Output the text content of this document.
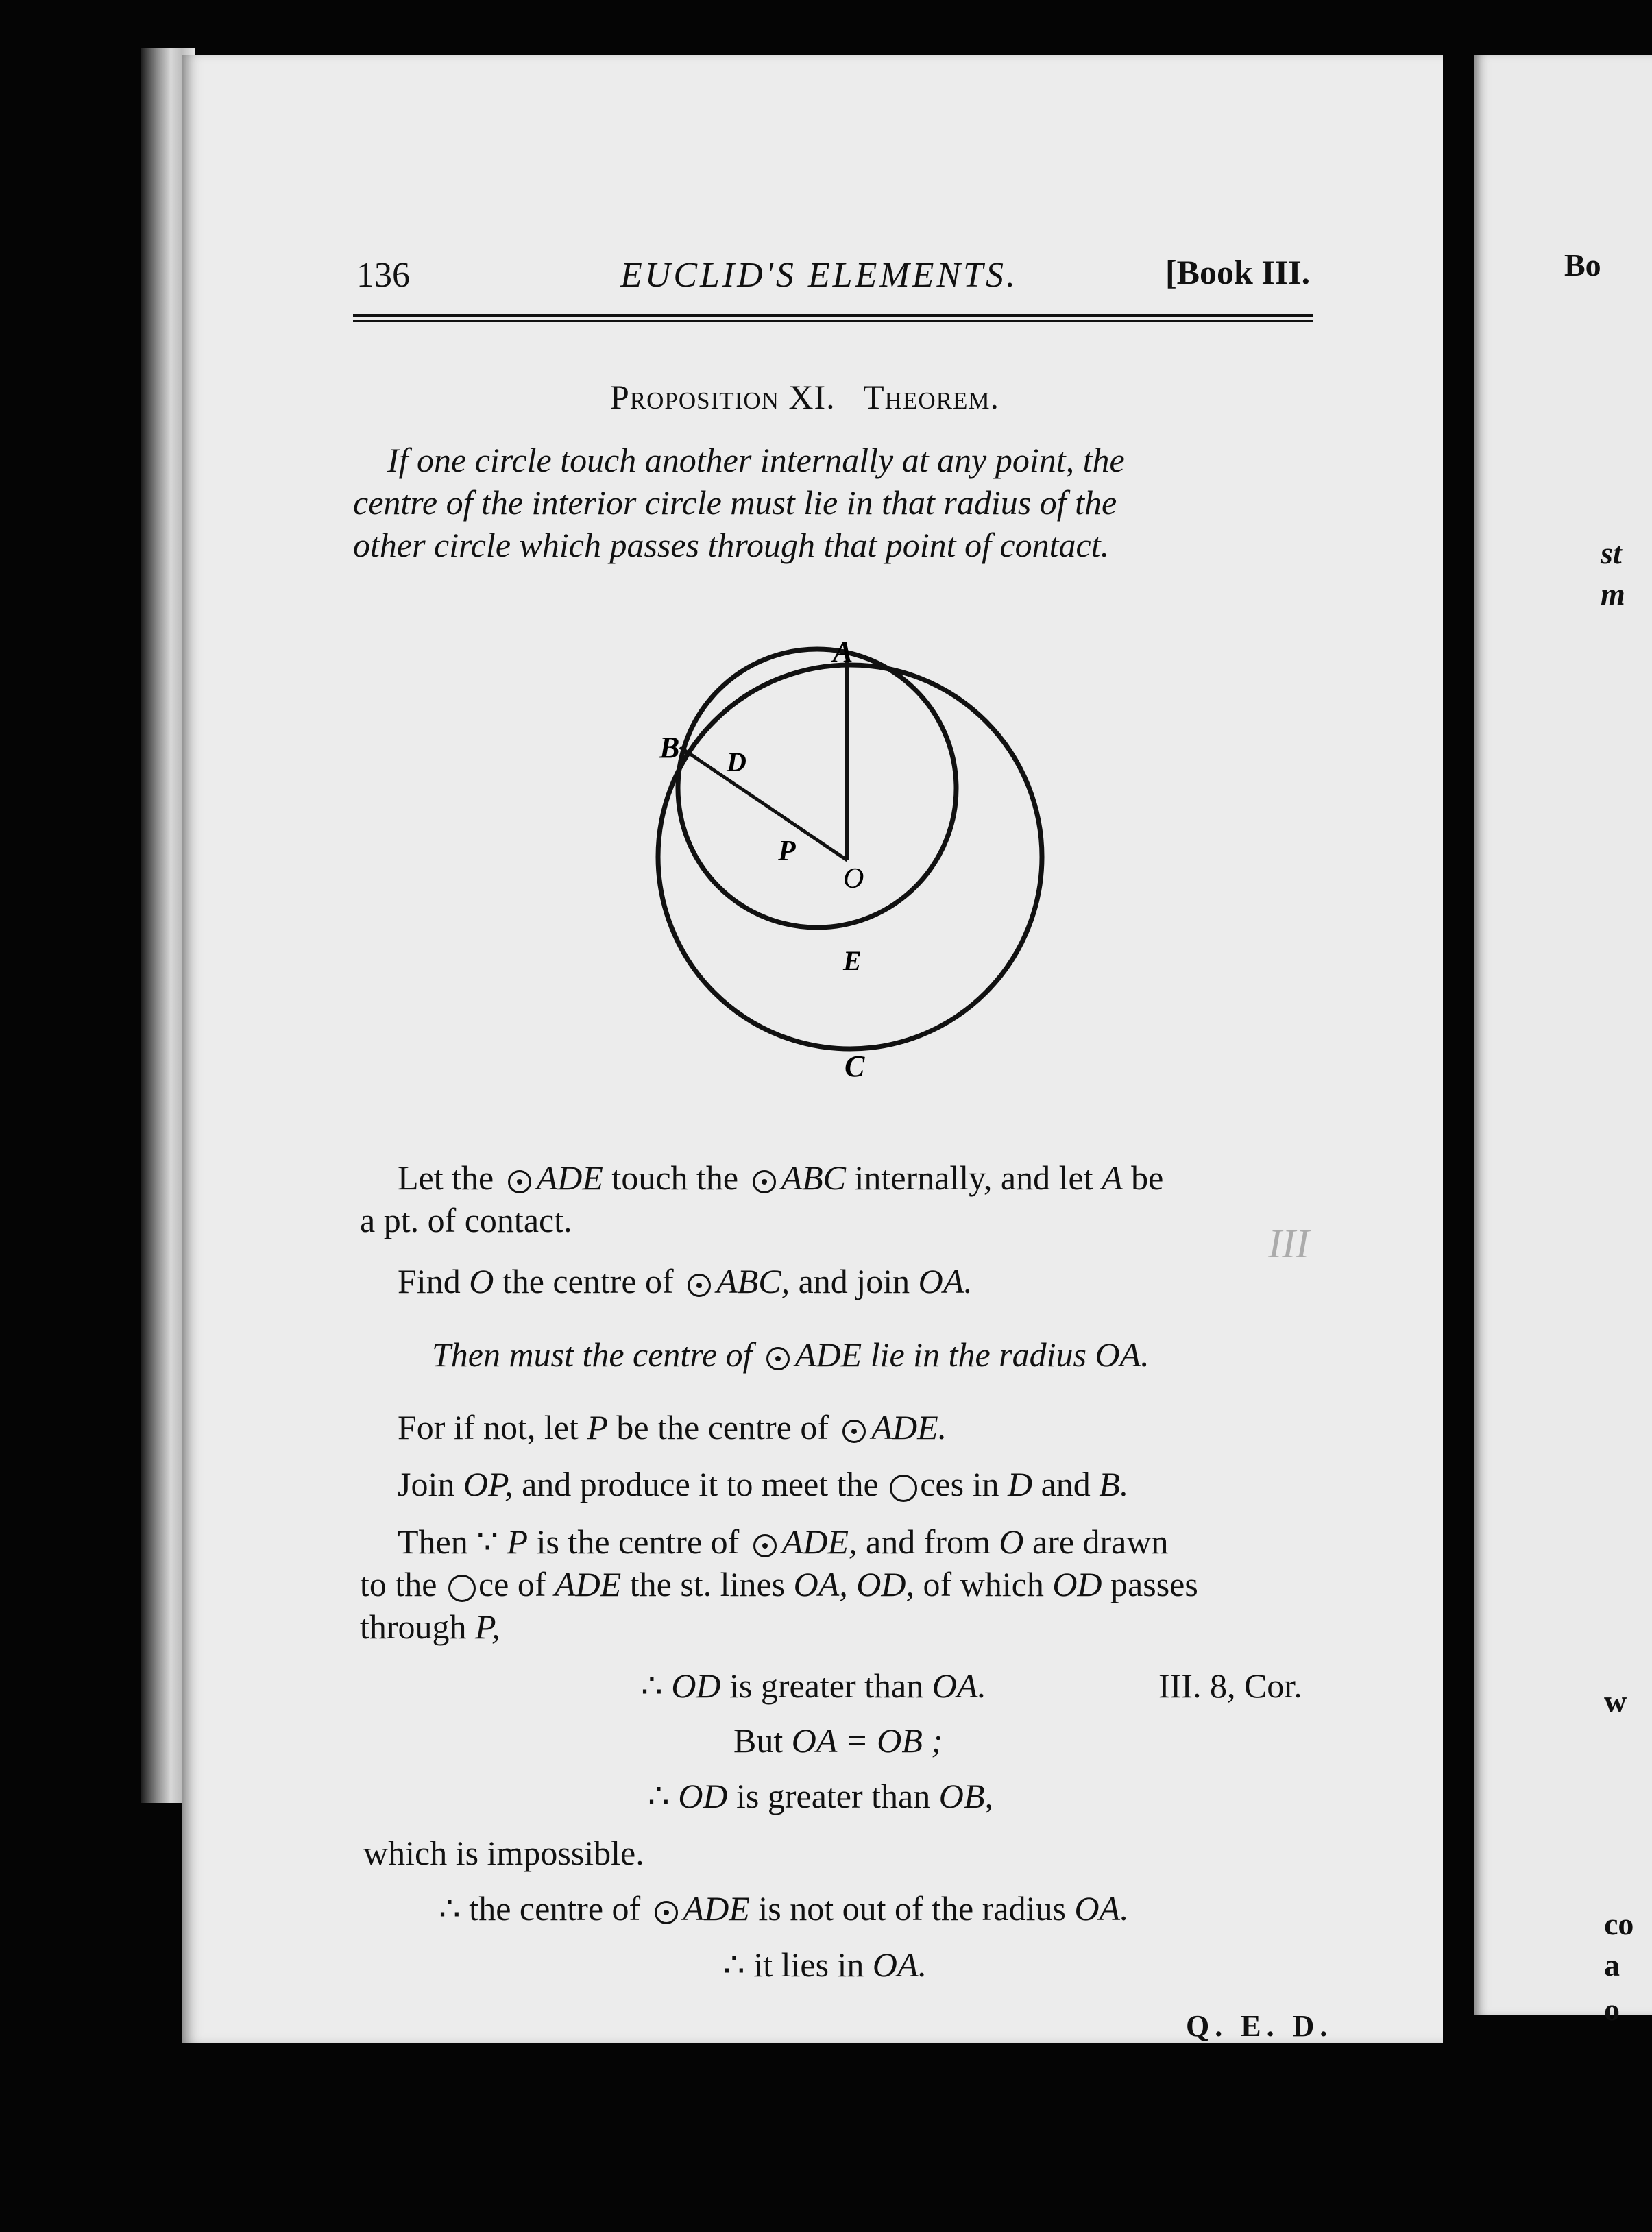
136	EUCLID'S ELEMENTS.	[Book III.
Proposition XI. Theorem.
If one circle touch another internally at any point, the
centre of the interior circle must lie in that radius of the
other circle which passes through that point of contact.
A
B D
P
O
E
C
Let the ADE touch the ABC internally, and let A be
a pt. of contact.
Find O the centre of ABC, and join OA.
Then must the centre of ADE lie in the radius OA.
For if not, let P be the centre of ADE.
Join OP, and produce it to meet the ces in D and B.
Then ∵ P is the centre of ADE, and from O are drawn
to the ce of ADE the st. lines OA, OD, of which OD passes
through P,
∴ OD is greater than OA.	III. 8, Cor.
But OA = OB ;
∴ OD is greater than OB,
which is impossible.
∴ the centre of ADE is not out of the radius OA.
∴ it lies in OA.
Q. E. D.
III
Bo
st
m
w
co
a
o
